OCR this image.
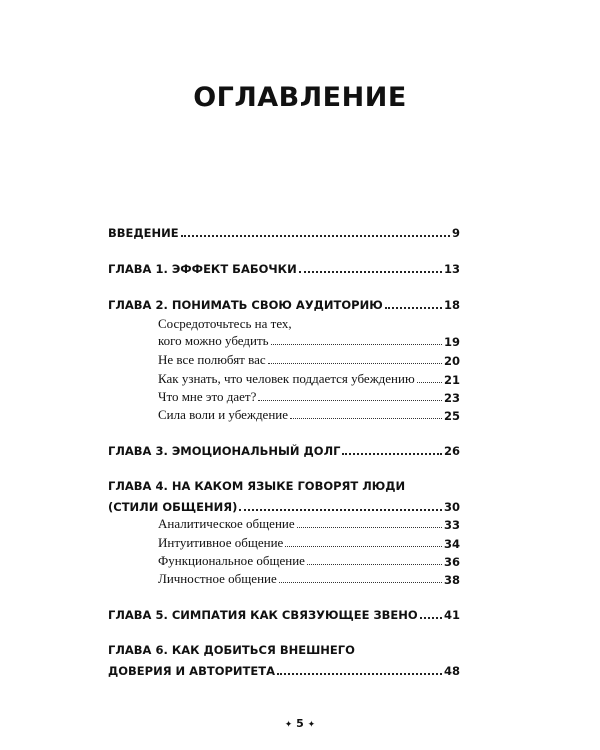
ОГЛАВЛЕНИЕ
ВВЕДЕНИЕ	9
ГЛАВА 1. ЭФФЕКТ БАБОЧКИ	13
ГЛАВА 2. ПОНИМАТЬ СВОЮ АУДИТОРИЮ	18
Сосредоточьтесь на тех,
кого можно убедить	19
Не все полюбят вас	20
Как узнать, что человек поддается убеждению	21
Что мне это дает?	23
Сила воли и убеждение	25
ГЛАВА 3. ЭМОЦИОНАЛЬНЫЙ ДОЛГ	26
ГЛАВА 4. НА КАКОМ ЯЗЫКЕ ГОВОРЯТ ЛЮДИ
(СТИЛИ ОБЩЕНИЯ)	30
Аналитическое общение	33
Интуитивное общение	34
Функциональное общение	36
Личностное общение	38
ГЛАВА 5. СИМПАТИЯ КАК СВЯЗУЮЩЕЕ ЗВЕНО 41
ГЛАВА 6. КАК ДОБИТЬСЯ ВНЕШНЕГО
ДОВЕРИЯ И АВТОРИТЕТА	48
✦ 5 ✦
